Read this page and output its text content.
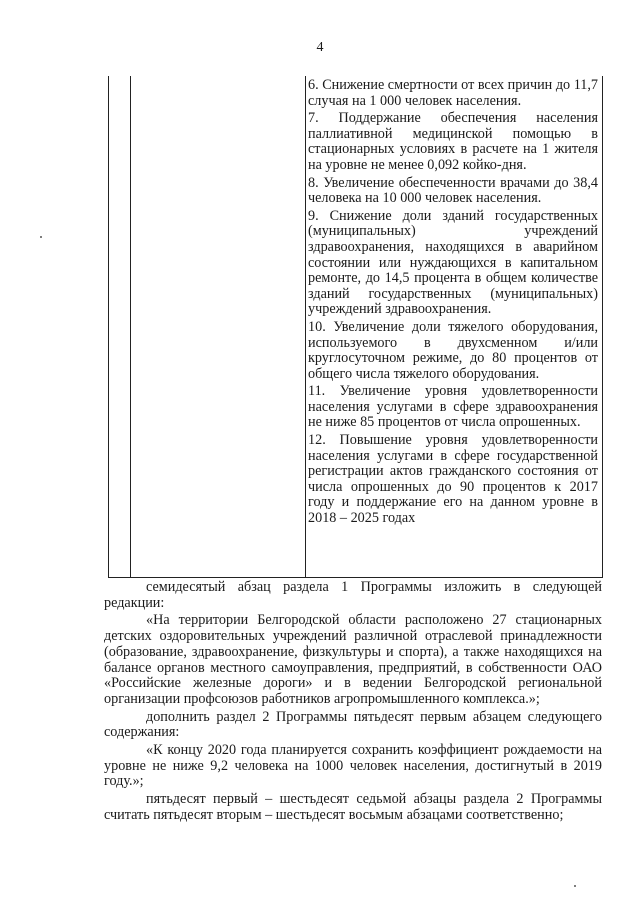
4

6. Снижение смертности от всех причин до 11,7 случая на 1 000 человек населения.

7. Поддержание обеспечения населения паллиативной медицинской помощью в стационарных условиях в расчете на 1 жителя на уровне не менее 0,092 койко-дня.

8. Увеличение обеспеченности врачами до 38,4 человека на 10 000 человек населения.

9. Снижение доли зданий государственных (муниципальных) учреждений здравоохранения, находящихся в аварийном состоянии или нуждающихся в капитальном ремонте, до 14,5 процента в общем количестве зданий государственных (муниципальных) учреждений здравоохранения.

10. Увеличение доли тяжелого оборудования, используемого в двухсменном и/или круглосуточном режиме, до 80 процентов от общего числа тяжелого оборудования.

11. Увеличение уровня удовлетворенности населения услугами в сфере здравоохранения не ниже 85 процентов от числа опрошенных.

12. Повышение уровня удовлетворенности населения услугами в сфере государственной регистрации актов гражданского состояния от числа опрошенных до 90 процентов к 2017 году и поддержание его на данном уровне в 2018 – 2025 годах

семидесятый абзац раздела 1 Программы изложить в следующей редакции:

«На территории Белгородской области расположено 27 стационарных детских оздоровительных учреждений различной отраслевой принадлежности (образование, здравоохранение, физкультуры и спорта), а также находящихся на балансе органов местного самоуправления, предприятий, в собственности ОАО «Российские железные дороги» и в ведении Белгородской региональной организации профсоюзов работников агропромышленного комплекса.»;

дополнить раздел 2 Программы пятьдесят первым абзацем следующего содержания:

«К концу 2020 года планируется сохранить коэффициент рождаемости на уровне не ниже 9,2 человека на 1000 человек населения, достигнутый в 2019 году.»;

пятьдесят первый – шестьдесят седьмой абзацы раздела 2 Программы считать пятьдесят вторым – шестьдесят восьмым абзацами соответственно;
